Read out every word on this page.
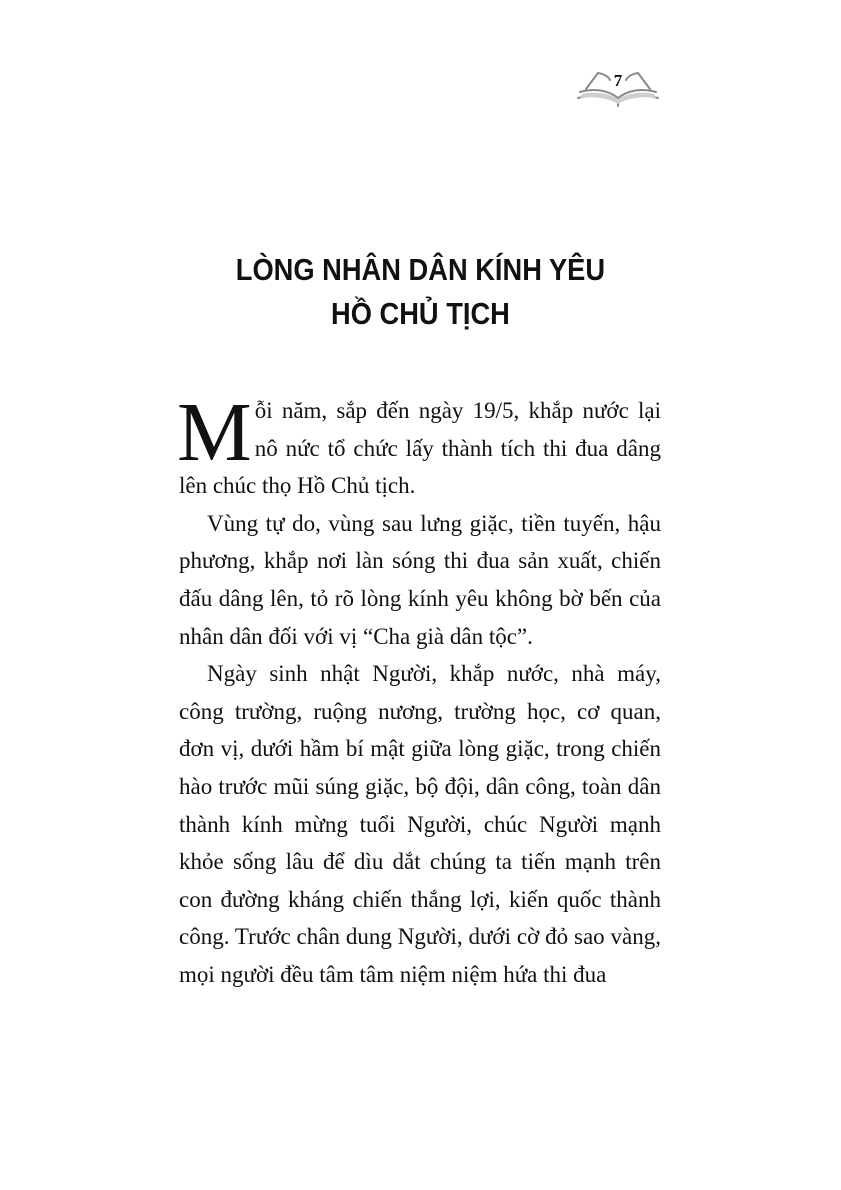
7
LÒNG NHÂN DÂN KÍNH YÊU
HỒ CHỦ TỊCH

Mỗi năm, sắp đến ngày 19/5, khắp nước lại nô nức tổ chức lấy thành tích thi đua dâng lên chúc thọ Hồ Chủ tịch.

Vùng tự do, vùng sau lưng giặc, tiền tuyến, hậu phương, khắp nơi làn sóng thi đua sản xuất, chiến đấu dâng lên, tỏ rõ lòng kính yêu không bờ bến của nhân dân đối với vị “Cha già dân tộc”.

Ngày sinh nhật Người, khắp nước, nhà máy, công trường, ruộng nương, trường học, cơ quan, đơn vị, dưới hầm bí mật giữa lòng giặc, trong chiến hào trước mũi súng giặc, bộ đội, dân công, toàn dân thành kính mừng tuổi Người, chúc Người mạnh khỏe sống lâu để dìu dắt chúng ta tiến mạnh trên con đường kháng chiến thắng lợi, kiến quốc thành công. Trước chân dung Người, dưới cờ đỏ sao vàng, mọi người đều tâm tâm niệm niệm hứa thi đua
